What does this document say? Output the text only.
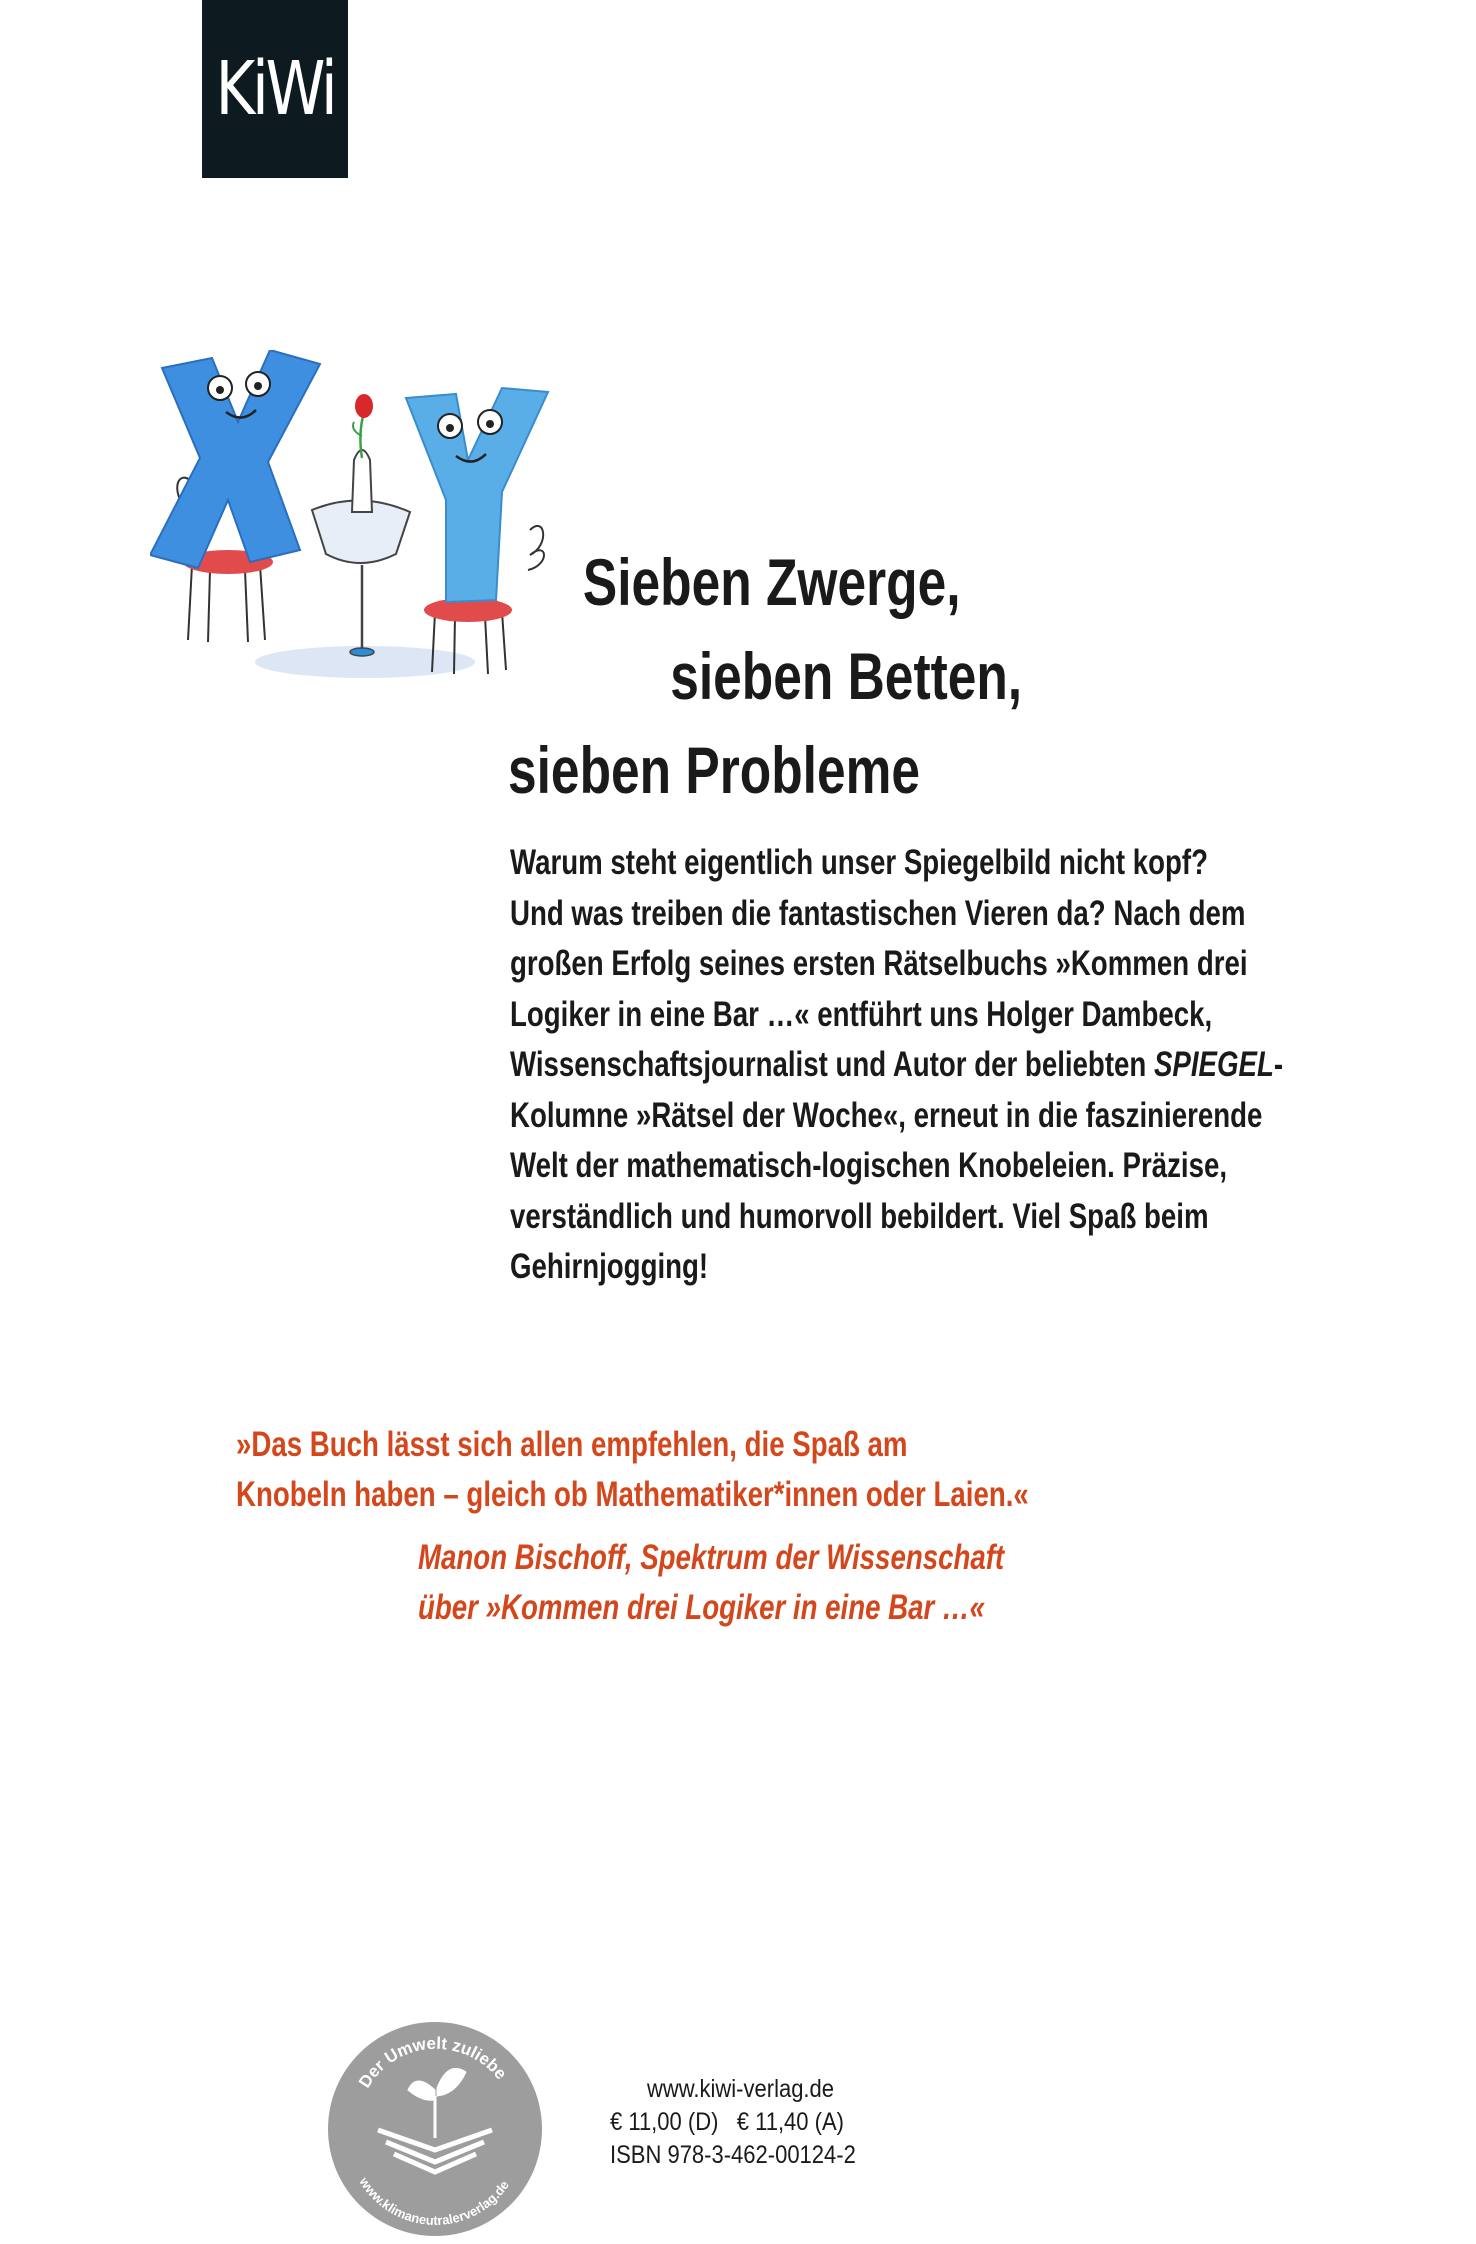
KiWi
Sieben Zwerge,
sieben Betten,
sieben Probleme
Warum steht eigentlich unser Spiegelbild nicht kopf?
Und was treiben die fantastischen Vieren da? Nach dem
großen Erfolg seines ersten Rätselbuchs »Kommen drei
Logiker in eine Bar …« entführt uns Holger Dambeck,
Wissenschaftsjournalist und Autor der beliebten SPIEGEL-
Kolumne »Rätsel der Woche«, erneut in die faszinierende
Welt der mathematisch-logischen Knobeleien. Präzise,
verständlich und humorvoll bebildert. Viel Spaß beim
Gehirnjogging!
»Das Buch lässt sich allen empfehlen, die Spaß am
Knobeln haben – gleich ob Mathematiker*innen oder Laien.«
Manon Bischoff, Spektrum der Wissenschaft
über »Kommen drei Logiker in eine Bar …«
Der Umwelt zuliebe
www.klimaneutralerverlag.de
www.kiwi-verlag.de
€ 11,00 (D)   € 11,40 (A)
ISBN 978-3-462-00124-2
